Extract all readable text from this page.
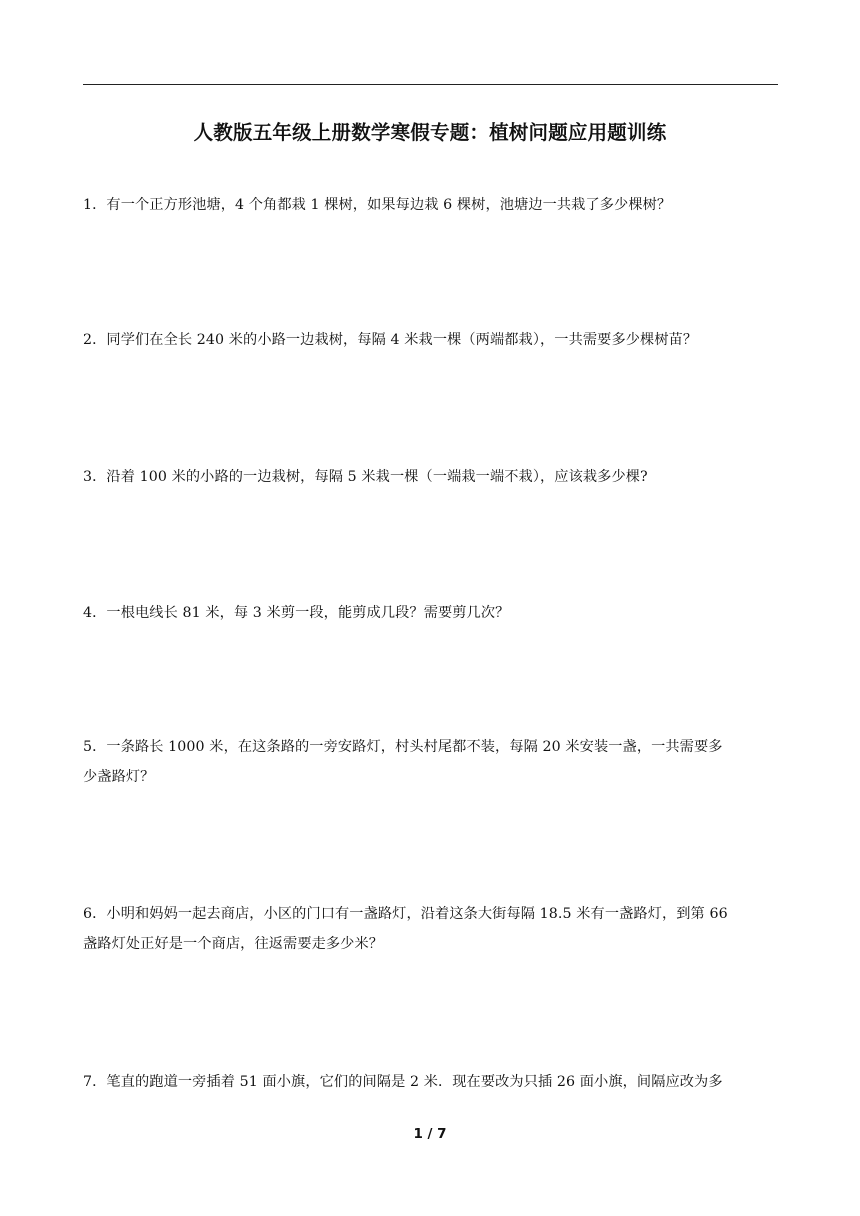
人教版五年级上册数学寒假专题：植树问题应用题训练
1．有一个正方形池塘，4 个角都栽 1 棵树，如果每边栽 6 棵树，池塘边一共栽了多少棵树？
2．同学们在全长 240 米的小路一边栽树，每隔 4 米栽一棵（两端都栽），一共需要多少棵树苗？
3．沿着 100 米的小路的一边栽树，每隔 5 米栽一棵（一端栽一端不栽），应该栽多少棵?
4．一根电线长 81 米，每 3 米剪一段，能剪成几段？需要剪几次？
5．一条路长 1000 米，在这条路的一旁安路灯，村头村尾都不装，每隔 20 米安装一盏，一共需要多
少盏路灯？
6．小明和妈妈一起去商店，小区的门口有一盏路灯，沿着这条大街每隔 18.5 米有一盏路灯，到第 66
盏路灯处正好是一个商店，往返需要走多少米？
7．笔直的跑道一旁插着 51 面小旗，它们的间隔是 2 米．现在要改为只插 26 面小旗，间隔应改为多
1 / 7
